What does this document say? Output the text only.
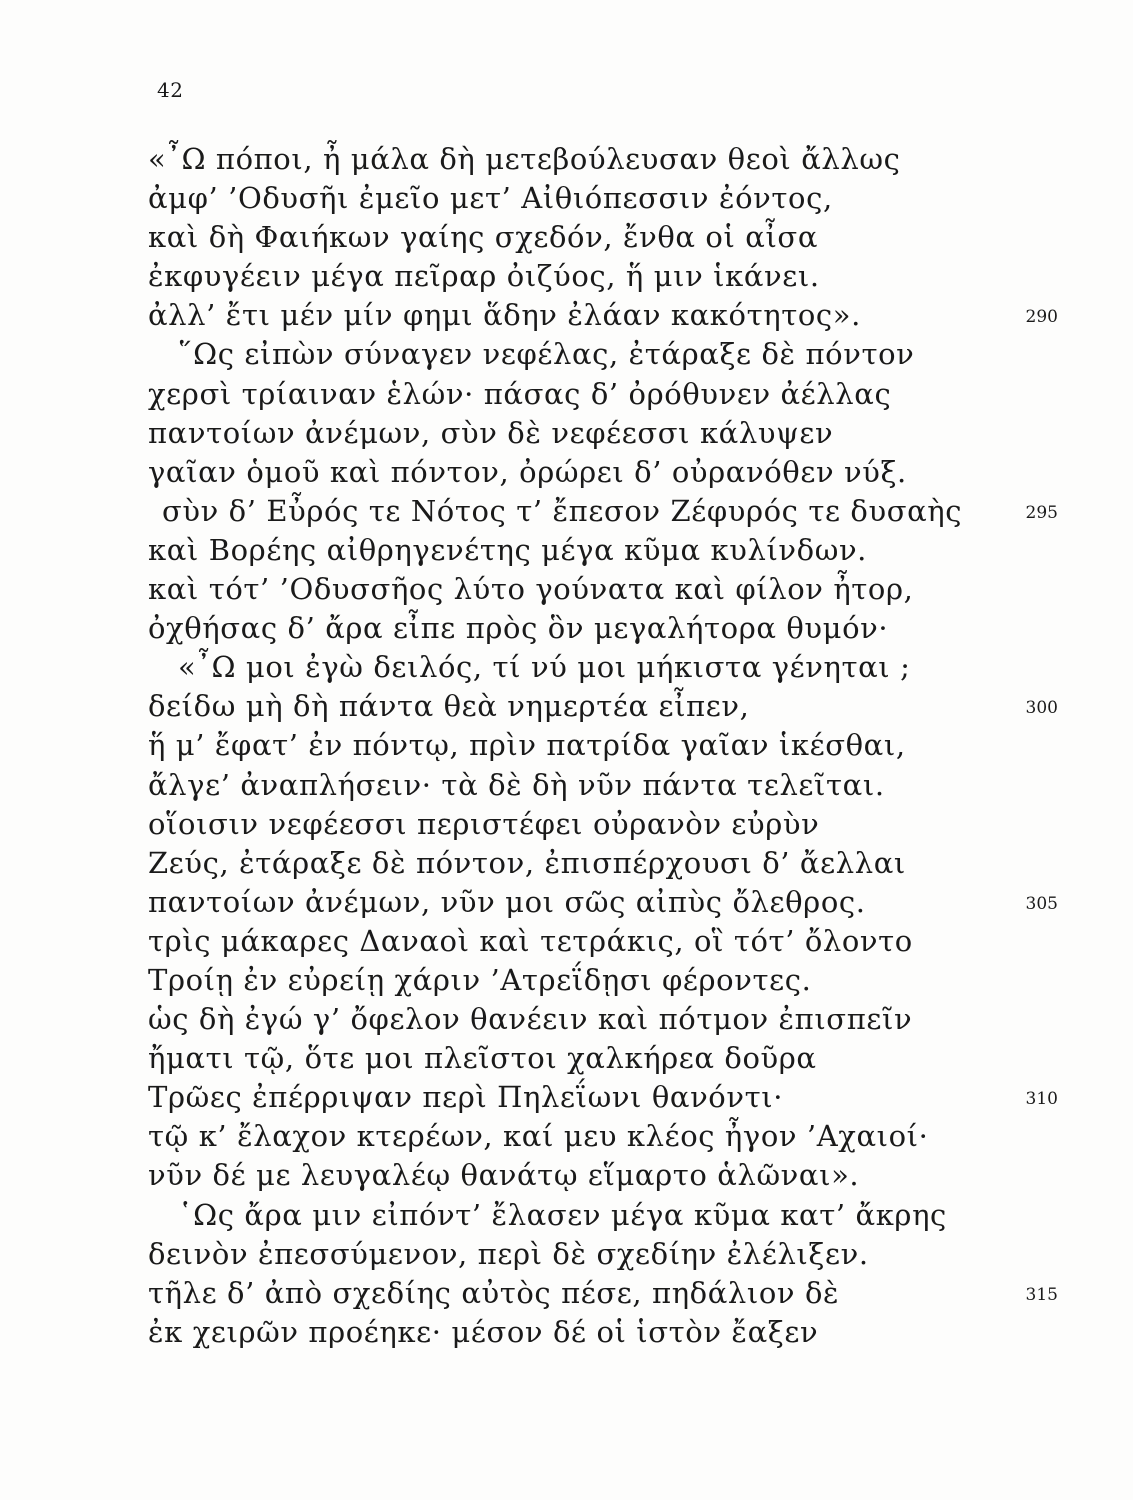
42
«῏Ω πόποι, ἦ μάλα δὴ μετεβούλευσαν θεοὶ ἄλλως
ἀμφ’ ’Οδυσῆι ἐμεῖο μετ’ Αἰθιόπεσσιν ἐόντος,
καὶ δὴ Φαιήκων γαίης σχεδόν, ἔνθα οἱ αἶσα
ἐκφυγέειν μέγα πεῖραρ ὀιζύος, ἥ μιν ἱκάνει.
ἀλλ’ ἔτι μέν μίν φημι ἅδην ἐλάαν κακότητος».	290
῞Ως εἰπὼν σύναγεν νεφέλας, ἐτάραξε δὲ πόντον
χερσὶ τρίαιναν ἑλών· πάσας δ’ ὀρόθυνεν ἀέλλας
παντοίων ἀνέμων, σὺν δὲ νεφέεσσι κάλυψεν
γαῖαν ὁμοῦ καὶ πόντον, ὀρώρει δ’ οὐρανόθεν νύξ.
σὺν δ’ Εὖρός τε Νότος τ’ ἔπεσον Ζέφυρός τε δυσαὴς	295
καὶ Βορέης αἰθρηγενέτης μέγα κῦμα κυλίνδων.
καὶ τότ’ ’Οδυσσῆος λύτο γούνατα καὶ φίλον ἦτορ,
ὀχθήσας δ’ ἄρα εἶπε πρὸς ὃν μεγαλήτορα θυμόν·
«῏Ω μοι ἐγὼ δειλός, τί νύ μοι μήκιστα γένηται ;
δείδω μὴ δὴ πάντα θεὰ νημερτέα εἶπεν,	300
ἥ μ’ ἔφατ’ ἐν πόντῳ, πρὶν πατρίδα γαῖαν ἱκέσθαι,
ἄλγε’ ἀναπλήσειν· τὰ δὲ δὴ νῦν πάντα τελεῖται.
οἵοισιν νεφέεσσι περιστέφει οὐρανὸν εὐρὺν
Ζεύς, ἐτάραξε δὲ πόντον, ἐπισπέρχουσι δ’ ἄελλαι
παντοίων ἀνέμων, νῦν μοι σῶς αἰπὺς ὄλεθρος.	305
τρὶς μάκαρες Δαναοὶ καὶ τετράκις, οἳ τότ’ ὄλοντο
Τροίῃ ἐν εὐρείῃ χάριν ’Ατρεΐδῃσι φέροντες.
ὡς δὴ ἐγώ γ’ ὄφελον θανέειν καὶ πότμον ἐπισπεῖν
ἤματι τῷ, ὅτε μοι πλεῖστοι χαλκήρεα δοῦρα
Τρῶες ἐπέρριψαν περὶ Πηλεΐωνι θανόντι·	310
τῷ κ’ ἔλαχον κτερέων, καί μευ κλέος ἦγον ’Αχαιοί·
νῦν δέ με λευγαλέῳ θανάτῳ εἵμαρτο ἁλῶναι».
῾Ως ἄρα μιν εἰπόντ’ ἔλασεν μέγα κῦμα κατ’ ἄκρης
δεινὸν ἐπεσσύμενον, περὶ δὲ σχεδίην ἐλέλιξεν.
τῆλε δ’ ἀπὸ σχεδίης αὐτὸς πέσε, πηδάλιον δὲ	315
ἐκ χειρῶν προέηκε· μέσον δέ οἱ ἱστὸν ἔαξεν
